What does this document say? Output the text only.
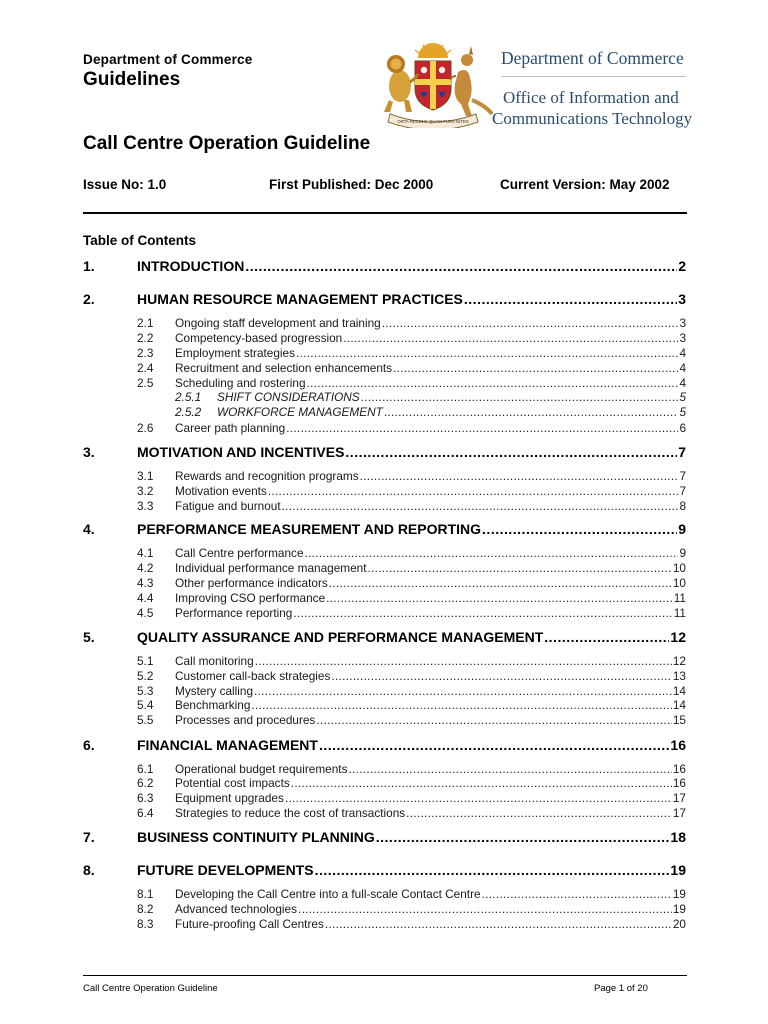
Department of Commerce
Guidelines
ORTA RECENS QUAM PURA NITES
Department of Commerce
Office of Information and
Communications Technology
Call Centre Operation Guideline
Issue No: 1.0	First Published: Dec 2000	Current Version: May 2002
Table of Contents
1.	INTRODUCTION .....	2
2.	HUMAN RESOURCE MANAGEMENT PRACTICES .....	3
2.1 Ongoing staff development and training .....	3
2.2 Competency-based progression .....	3
2.3 Employment strategies .....	4
2.4 Recruitment and selection enhancements .....	4
2.5 Scheduling and rostering .....	4
2.5.1 SHIFT CONSIDERATIONS .....	5
2.5.2 WORKFORCE MANAGEMENT .....	5
2.6 Career path planning .....	6
3.	MOTIVATION AND INCENTIVES .....	7
3.1 Rewards and recognition programs .....	7
3.2 Motivation events .....	7
3.3 Fatigue and burnout .....	8
4.	PERFORMANCE MEASUREMENT AND REPORTING .....	9
4.1 Call Centre performance .....	9
4.2 Individual performance management .....	10
4.3 Other performance indicators .....	10
4.4 Improving CSO performance .....	11
4.5 Performance reporting .....	11
5.	QUALITY ASSURANCE AND PERFORMANCE MANAGEMENT .....	12
5.1 Call monitoring .....	12
5.2 Customer call-back strategies .....	13
5.3 Mystery calling .....	14
5.4 Benchmarking .....	14
5.5 Processes and procedures .....	15
6.	FINANCIAL MANAGEMENT .....	16
6.1 Operational budget requirements .....	16
6.2 Potential cost impacts .....	16
6.3 Equipment upgrades .....	17
6.4 Strategies to reduce the cost of transactions .....	17
7.	BUSINESS CONTINUITY PLANNING .....	18
8.	FUTURE DEVELOPMENTS .....	19
8.1 Developing the Call Centre into a full-scale Contact Centre .....	19
8.2 Advanced technologies .....	19
8.3 Future-proofing Call Centres .....	20
Call Centre Operation Guideline	Page 1 of 20
